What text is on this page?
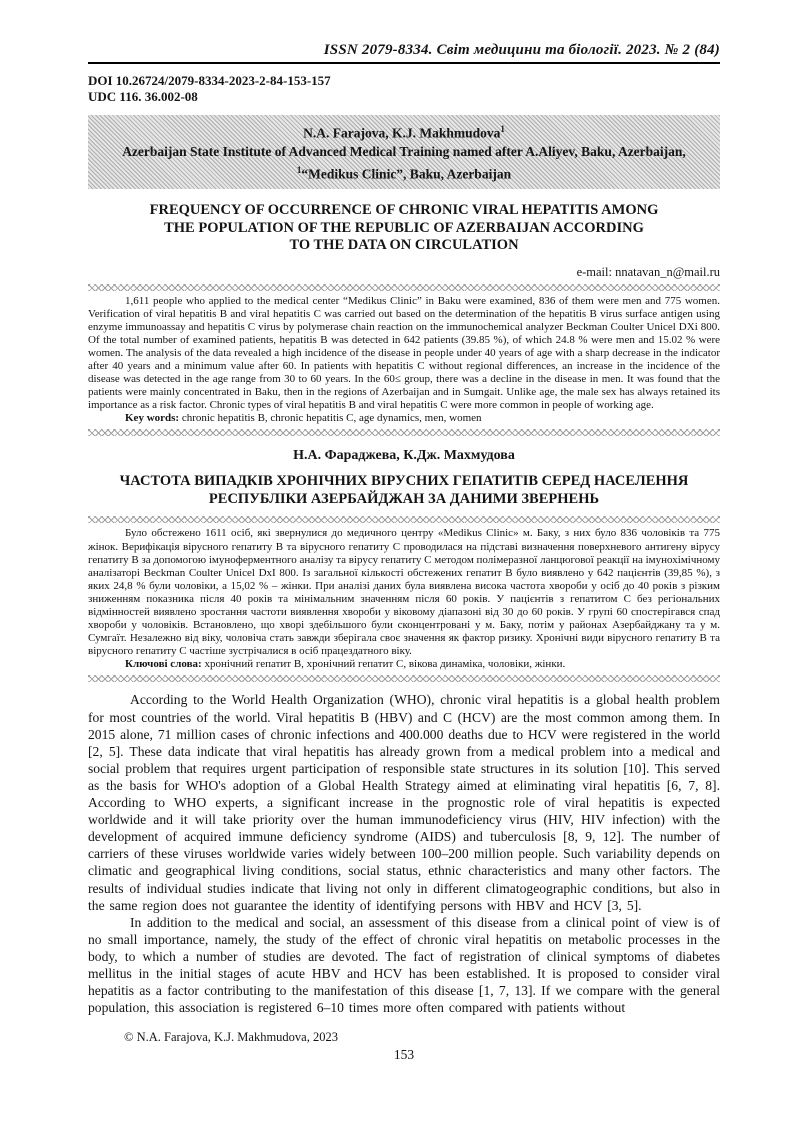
ISSN 2079-8334. Світ медицини та біології. 2023. № 2 (84)
DOI 10.26724/2079-8334-2023-2-84-153-157
UDC 116. 36.002-08
N.A. Farajova, K.J. Makhmudova$^1$
Azerbaijan State Institute of Advanced Medical Training named after A.Aliyev, Baku, Azerbaijan,
$^1$“Medikus Clinic”, Baku, Azerbaijan
FREQUENCY OF OCCURRENCE OF CHRONIC VIRAL HEPATITIS AMONG
THE POPULATION OF THE REPUBLIC OF AZERBAIJAN ACCORDING
TO THE DATA ON CIRCULATION
e-mail: nnatavan_n@mail.ru

1,611 people who applied to the medical center “Medikus Clinic” in Baku were examined, 836 of them were men and 775 women. Verification of viral hepatitis B and viral hepatitis C was carried out based on the determination of the hepatitis B virus surface antigen using enzyme immunoassay and hepatitis C virus by polymerase chain reaction on the immunochemical analyzer Beckman Coulter Unicel DXi 800. Of the total number of examined patients, hepatitis B was detected in 642 patients (39.85 %), of which 24.8 % were men and 15.02 % were women. The analysis of the data revealed a high incidence of the disease in people under 40 years of age with a sharp decrease in the indicator after 40 years and a minimum value after 60. In patients with hepatitis C without regional differences, an increase in the incidence of the disease was detected in the age range from 30 to 60 years. In the 60≤ group, there was a decline in the disease in men. It was found that the patients were mainly concentrated in Baku, then in the regions of Azerbaijan and in Sumgait. Unlike age, the male sex has always retained its importance as a risk factor. Chronic types of viral hepatitis B and viral hepatitis C were more common in people of working age.

Key words: chronic hepatitis B, chronic hepatitis C, age dynamics, men, women

Н.А. Фараджева, К.Дж. Махмудова
ЧАСТОТА ВИПАДКІВ ХРОНІЧНИХ ВІРУСНИХ ГЕПАТИТІВ СЕРЕД НАСЕЛЕННЯ
РЕСПУБЛІКИ АЗЕРБАЙДЖАН ЗА ДАНИМИ ЗВЕРНЕНЬ

Було обстежено 1611 осіб, які звернулися до медичного центру «Medikus Clinic» м. Баку, з них було 836 чоловіків та 775 жінок. Верифікація вірусного гепатиту В та вірусного гепатиту С проводилася на підставі визначення поверхневого антигену вірусу гепатиту В за допомогою імуноферментного аналізу та вірусу гепатиту С методом полімеразної ланцюгової реакції на імунохімічному аналізаторі Beckman Coulter Unicel DxI 800. Із загальної кількості обстежених гепатит В було виявлено у 642 пацієнтів (39,85 %), з яких 24,8 % були чоловіки, а 15,02 % – жінки. При аналізі даних була виявлена висока частота хвороби у осіб до 40 років з різким зниженням показника після 40 років та мінімальним значенням після 60 років. У пацієнтів з гепатитом С без регіональних відмінностей виявлено зростання частоти виявлення хвороби у віковому діапазоні від 30 до 60 років. У групі 60 спостерігався спад хвороби у чоловіків. Встановлено, що хворі здебільшого були сконцентровані у м. Баку, потім у районах Азербайджану та у м. Сумгаїт. Незалежно від віку, чоловіча стать завжди зберігала своє значення як фактор ризику. Хронічні види вірусного гепатиту В та вірусного гепатиту С частіше зустрічалися в осіб працездатного віку.

Ключові слова: хронічний гепатит В, хронічний гепатит С, вікова динаміка, чоловіки, жінки.

According to the World Health Organization (WHO), chronic viral hepatitis is a global health problem for most countries of the world. Viral hepatitis B (HBV) and C (HCV) are the most common among them. In 2015 alone, 71 million cases of chronic infections and 400.000 deaths due to HCV were registered in the world [2, 5]. These data indicate that viral hepatitis has already grown from a medical problem into a medical and social problem that requires urgent participation of responsible state structures in its solution [10]. This served as the basis for WHO's adoption of a Global Health Strategy aimed at eliminating viral hepatitis [6, 7, 8]. According to WHO experts, a significant increase in the prognostic role of viral hepatitis is expected worldwide and it will take priority over the human immunodeficiency virus (HIV, HIV infection) with the development of acquired immune deficiency syndrome (AIDS) and tuberculosis [8, 9, 12]. The number of carriers of these viruses worldwide varies widely between 100–200 million people. Such variability depends on climatic and geographical living conditions, social status, ethnic characteristics and many other factors. The results of individual studies indicate that living not only in different climatogeographic conditions, but also in the same region does not guarantee the identity of identifying persons with HBV and HCV [3, 5].

In addition to the medical and social, an assessment of this disease from a clinical point of view is of no small importance, namely, the study of the effect of chronic viral hepatitis on metabolic processes in the body, to which a number of studies are devoted. The fact of registration of clinical symptoms of diabetes mellitus in the initial stages of acute HBV and HCV has been established. It is proposed to consider viral hepatitis as a factor contributing to the manifestation of this disease [1, 7, 13]. If we compare with the general population, this association is registered 6–10 times more often compared with patients without

© N.A. Farajova, K.J. Makhmudova, 2023
153
